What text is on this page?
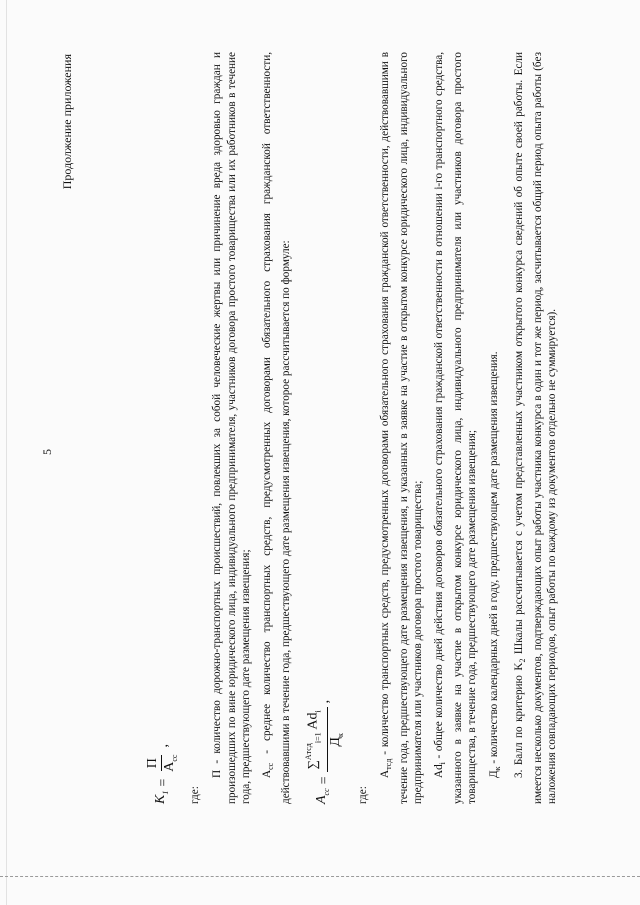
5
Продолжение приложения
$K_1$
=
П $A_{cc}$
,

где:

П - количество дорожно-транспортных происшествий, повлекших за собой человеческие жертвы или причинение вреда здоровью граждан и произошедших по вине юридического лица, индивидуального предпринимателя, участников договора простого товарищества или их работников в течение года, предшествующего дате размещения извещения; $A_{cc}$ - среднее количество транспортных средств, предусмотренных договорами обязательного страхования гражданской ответственности, действовавшими в течение года, предшествующего дате размещения извещения, которое рассчитывается по формуле: $A_{cc}$
=
∑$^{Aтсд}_{i=1}$ $Ad_i$
$Д_к$
,

где:

$A_{тсд}$ - количество транспортных средств, предусмотренных договорами обязательного страхования гражданской ответственности, действовавшими в течение года, предшествующего дате размещения извещения, и указанных в заявке на участие в открытом конкурсе юридического лица, индивидуального предпринимателя или участников договора простого товарищества; $Ad_i$ - общее количество дней действия договоров обязательного страхования гражданской ответственности в отношении i-го транспортного средства, указанного в заявке на участие в открытом конкурсе юридического лица, индивидуального предпринимателя или участников договора простого товарищества, в течение года, предшествующего дате размещения извещения; $Д_к$ - количество календарных дней в году, предшествующем дате размещения извещения.	3. Балл по критерию $K_2$ Шкалы рассчитывается с учетом представленных участником открытого конкурса сведений об опыте своей работы. Если имеется несколько документов, подтверждающих опыт работы участника конкурса в один и тот же период, засчитывается общий период опыта работы (без наложения совпадающих периодов, опыт работы по каждому из документов отдельно не суммируется).
